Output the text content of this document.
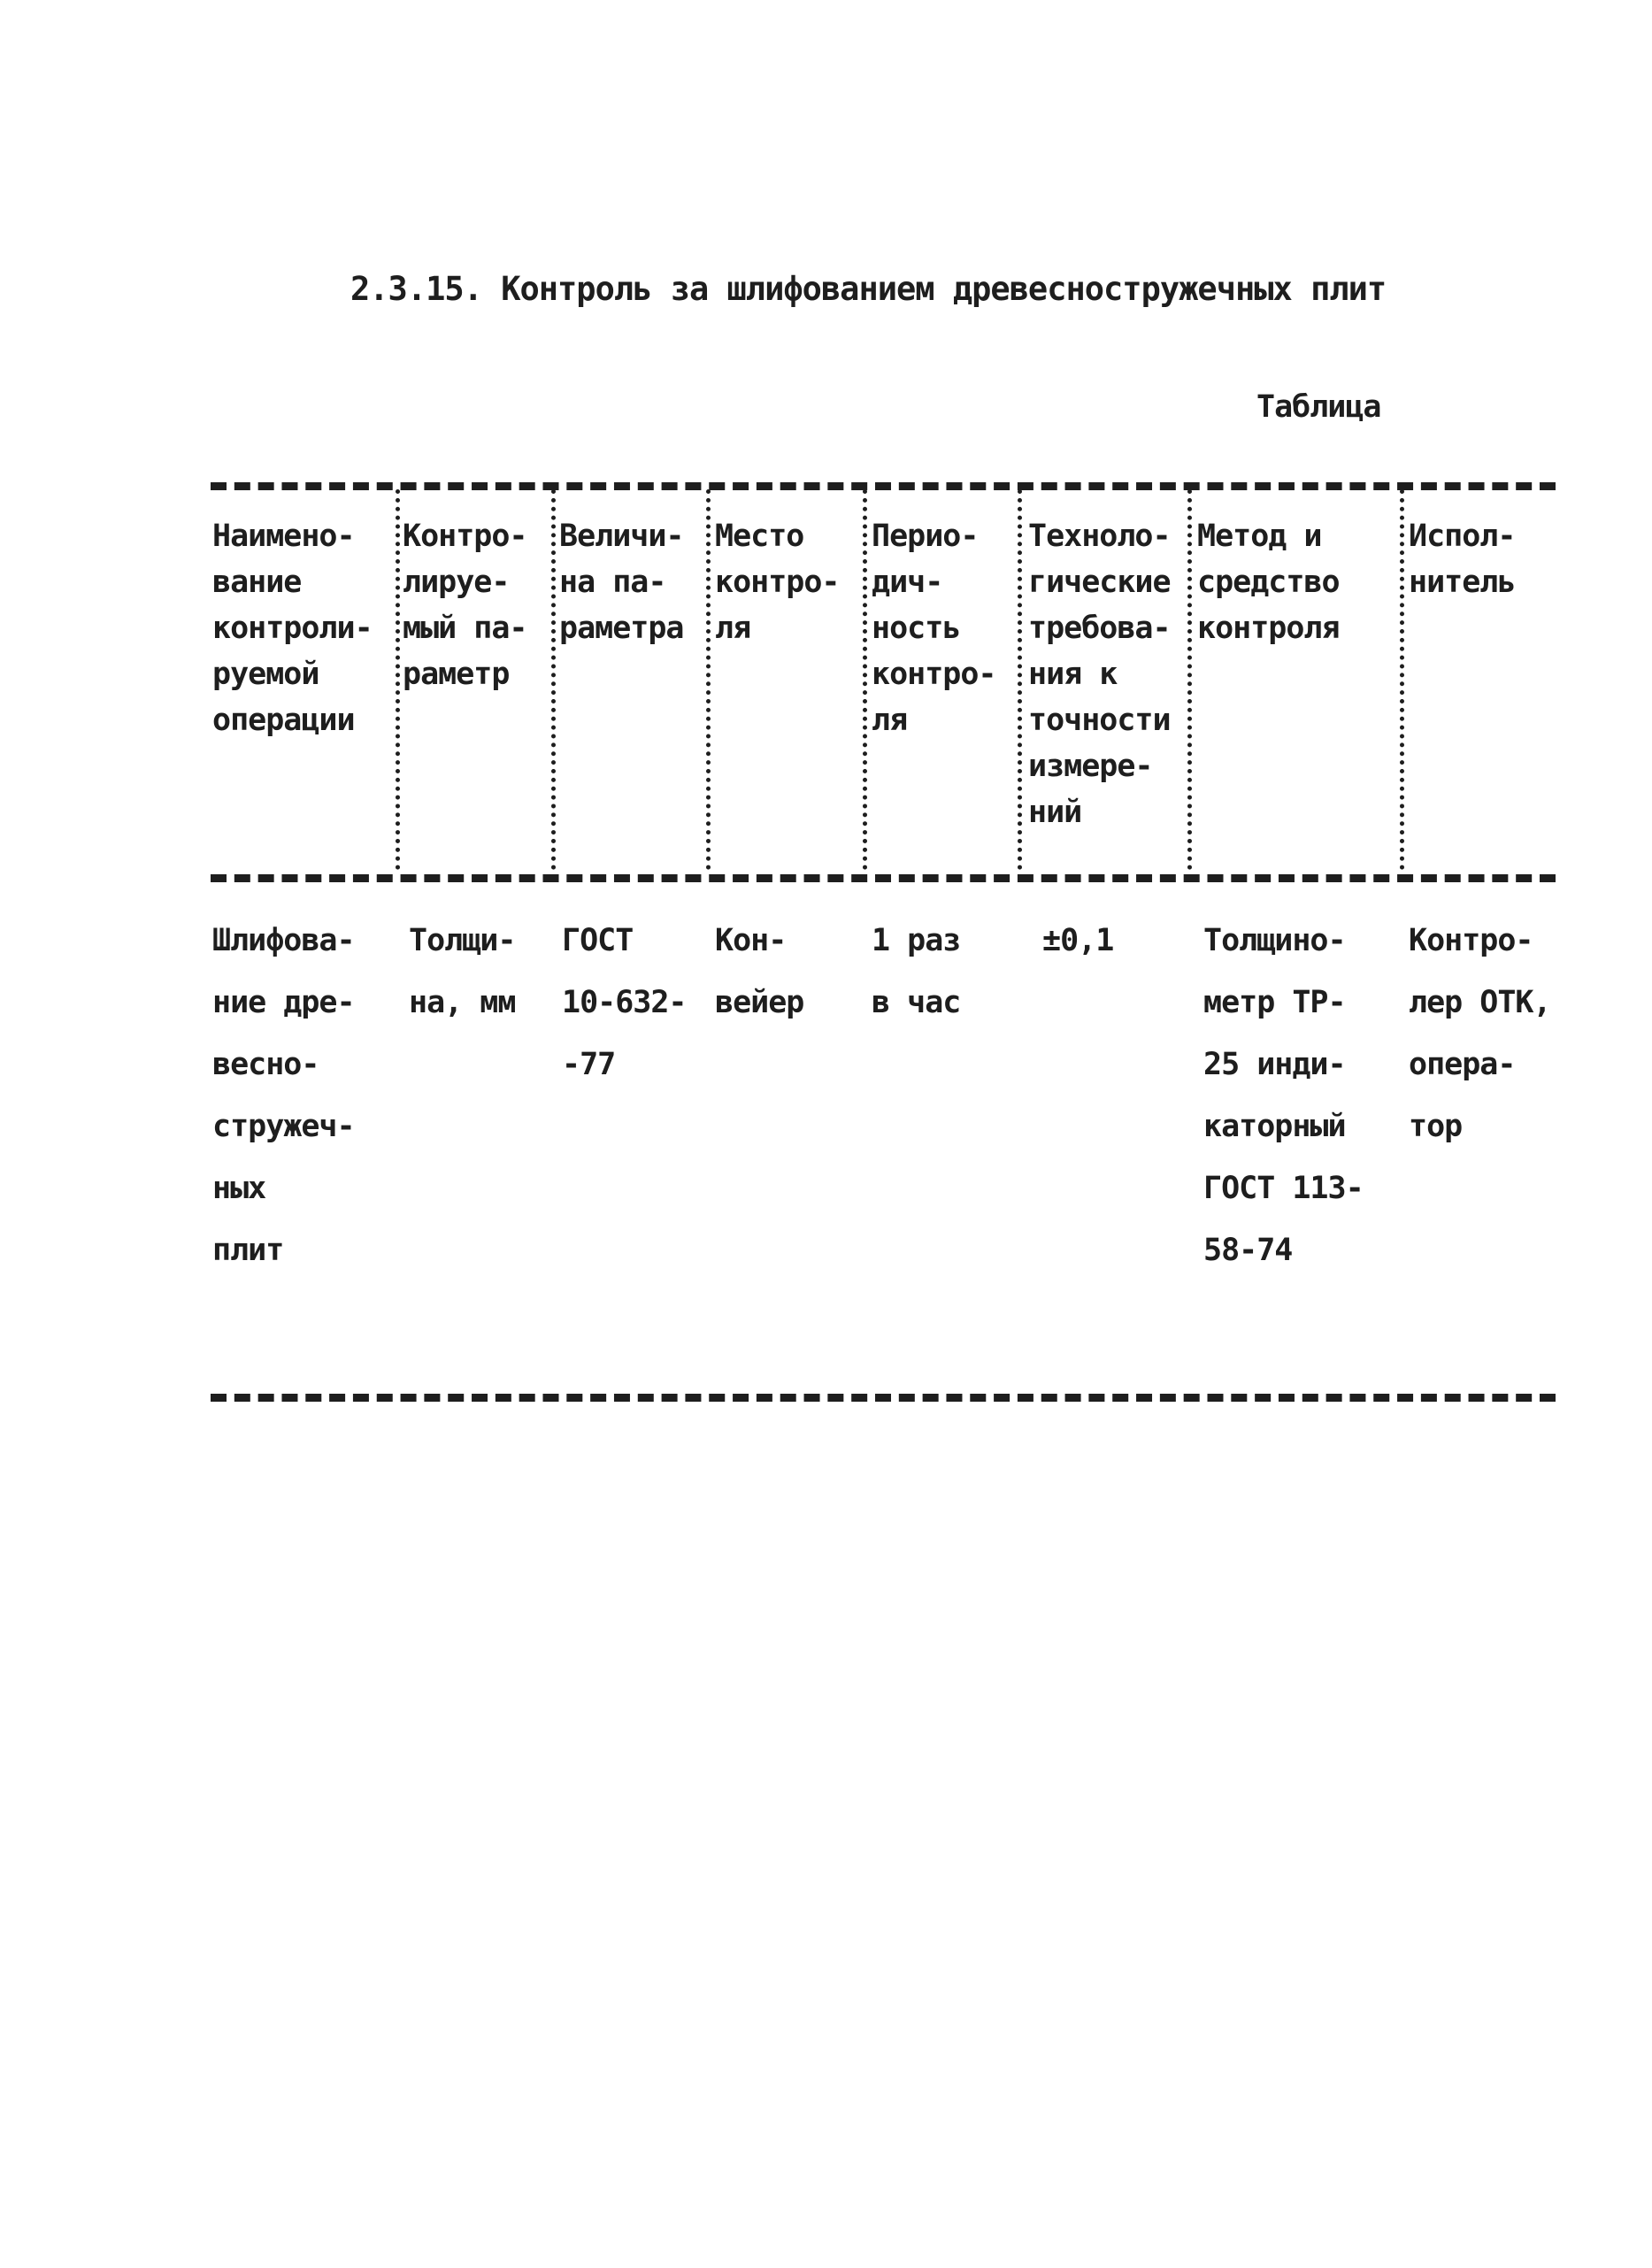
2.3.15. Контроль за шлифованием древесностружечных плит
Таблица
Наимено-
вание
контроли-
руемой
операции
Контро-
лируе-
мый па-
раметр
Величи-
на па-
раметра
Место
контро-
ля
Перио-
дич-
ность
контро-
ля
Техноло-
гические
требова-
ния к
точности
измере-
ний
Метод и
средство
контроля
Испол-
нитель
Шлифова-
ние дре-
весно-
стружеч-
ных
плит
Толщи-
на, мм
ГОСТ
10-632-
-77
Кон-
вейер
1 раз
в час
±0,1	Толщино-
метр ТР-
25 инди-
каторный
ГОСТ 113-
58-74
Контро-
лер ОТК,
опера-
тор
